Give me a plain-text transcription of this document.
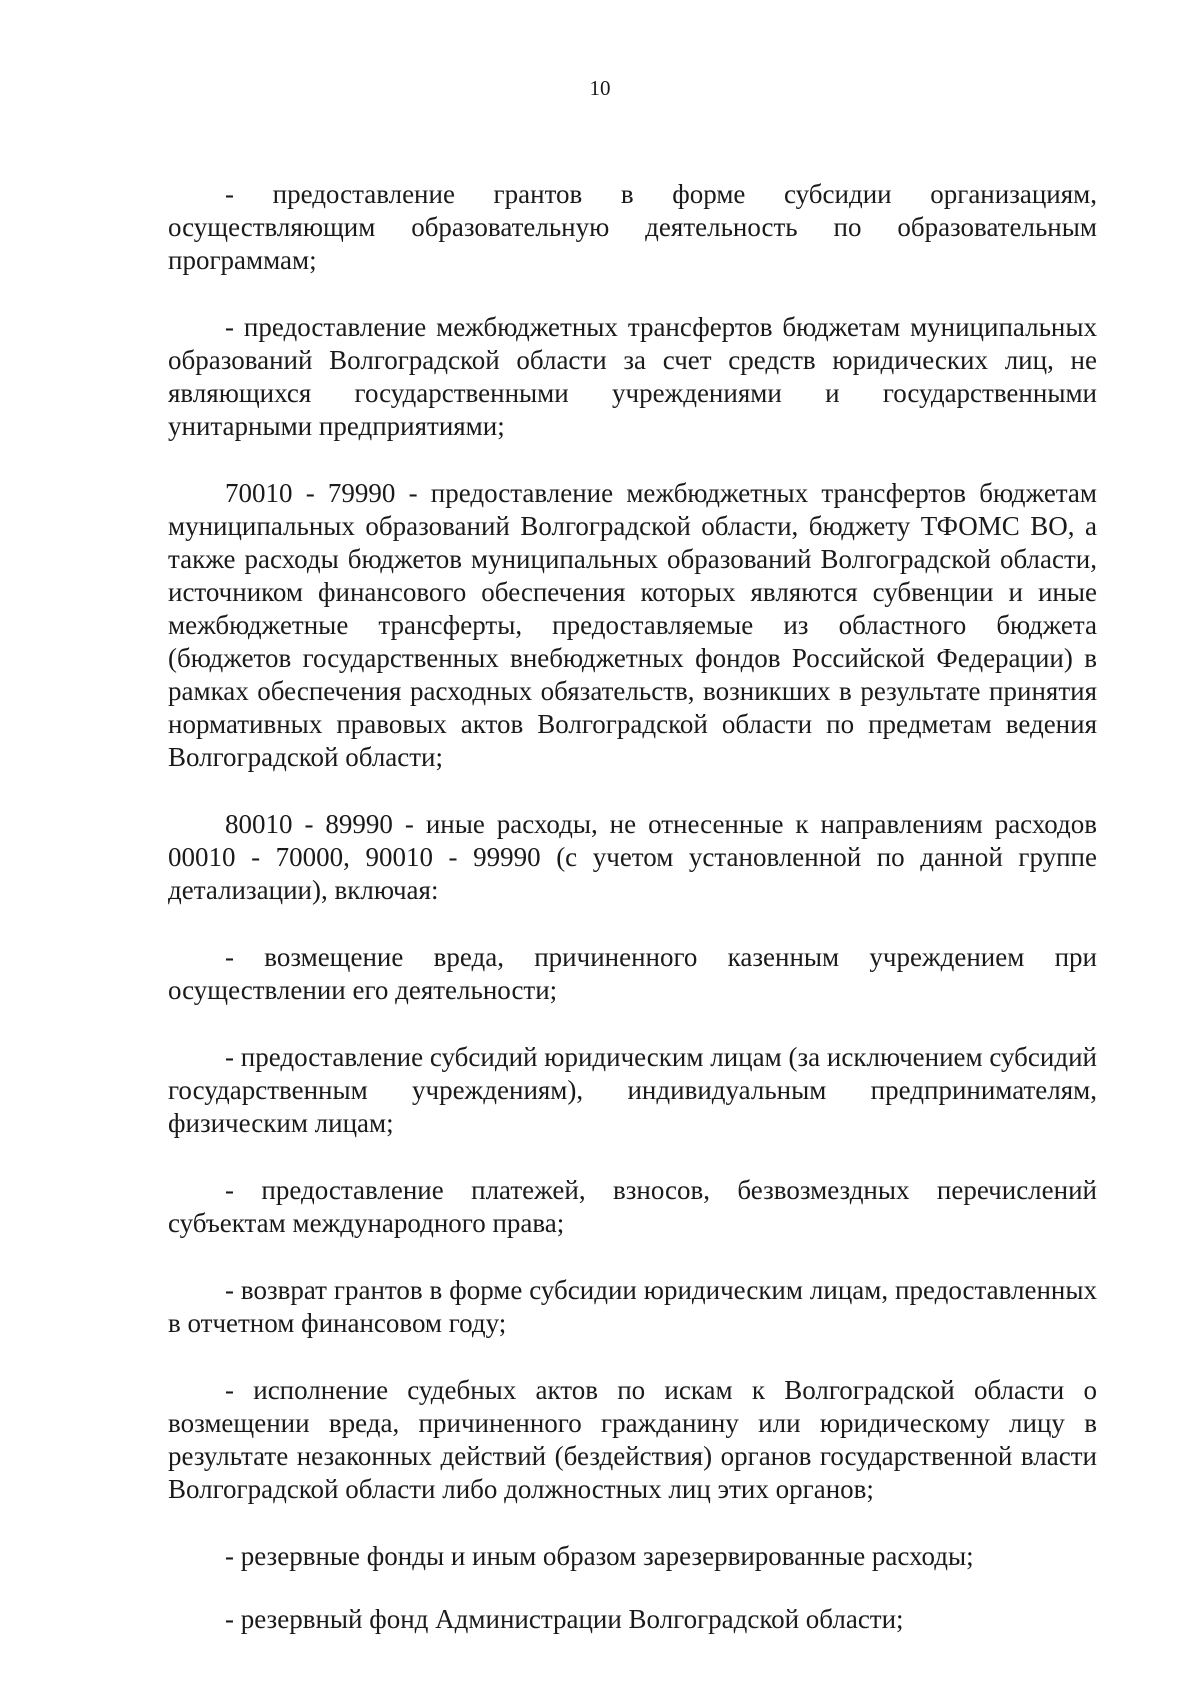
10

- предоставление грантов в форме субсидии организациям, осуществляющим образовательную деятельность по образовательным программам;

- предоставление межбюджетных трансфертов бюджетам муниципальных образований Волгоградской области за счет средств юридических лиц, не являющихся государственными учреждениями и государственными унитарными предприятиями;

70010 - 79990 - предоставление межбюджетных трансфертов бюджетам муниципальных образований Волгоградской области, бюджету ТФОМС ВО, а также расходы бюджетов муниципальных образований Волгоградской области, источником финансового обеспечения которых являются субвенции и иные межбюджетные трансферты, предоставляемые из областного бюджета (бюджетов государственных внебюджетных фондов Российской Федерации) в рамках обеспечения расходных обязательств, возникших в результате принятия нормативных правовых актов Волгоградской области по предметам ведения Волгоградской области;

80010 - 89990 - иные расходы, не отнесенные к направлениям расходов 00010 - 70000, 90010 - 99990 (с учетом установленной по данной группе детализации), включая:

- возмещение вреда, причиненного казенным учреждением при осуществлении его деятельности;

- предоставление субсидий юридическим лицам (за исключением субсидий государственным учреждениям), индивидуальным предпринимателям, физическим лицам;

- предоставление платежей, взносов, безвозмездных перечислений субъектам международного права;

- возврат грантов в форме субсидии юридическим лицам, предоставленных в отчетном финансовом году;

- исполнение судебных актов по искам к Волгоградской области о возмещении вреда, причиненного гражданину или юридическому лицу в результате незаконных действий (бездействия) органов государственной власти Волгоградской области либо должностных лиц этих органов;

- резервные фонды и иным образом зарезервированные расходы;

- резервный фонд Администрации Волгоградской области;
